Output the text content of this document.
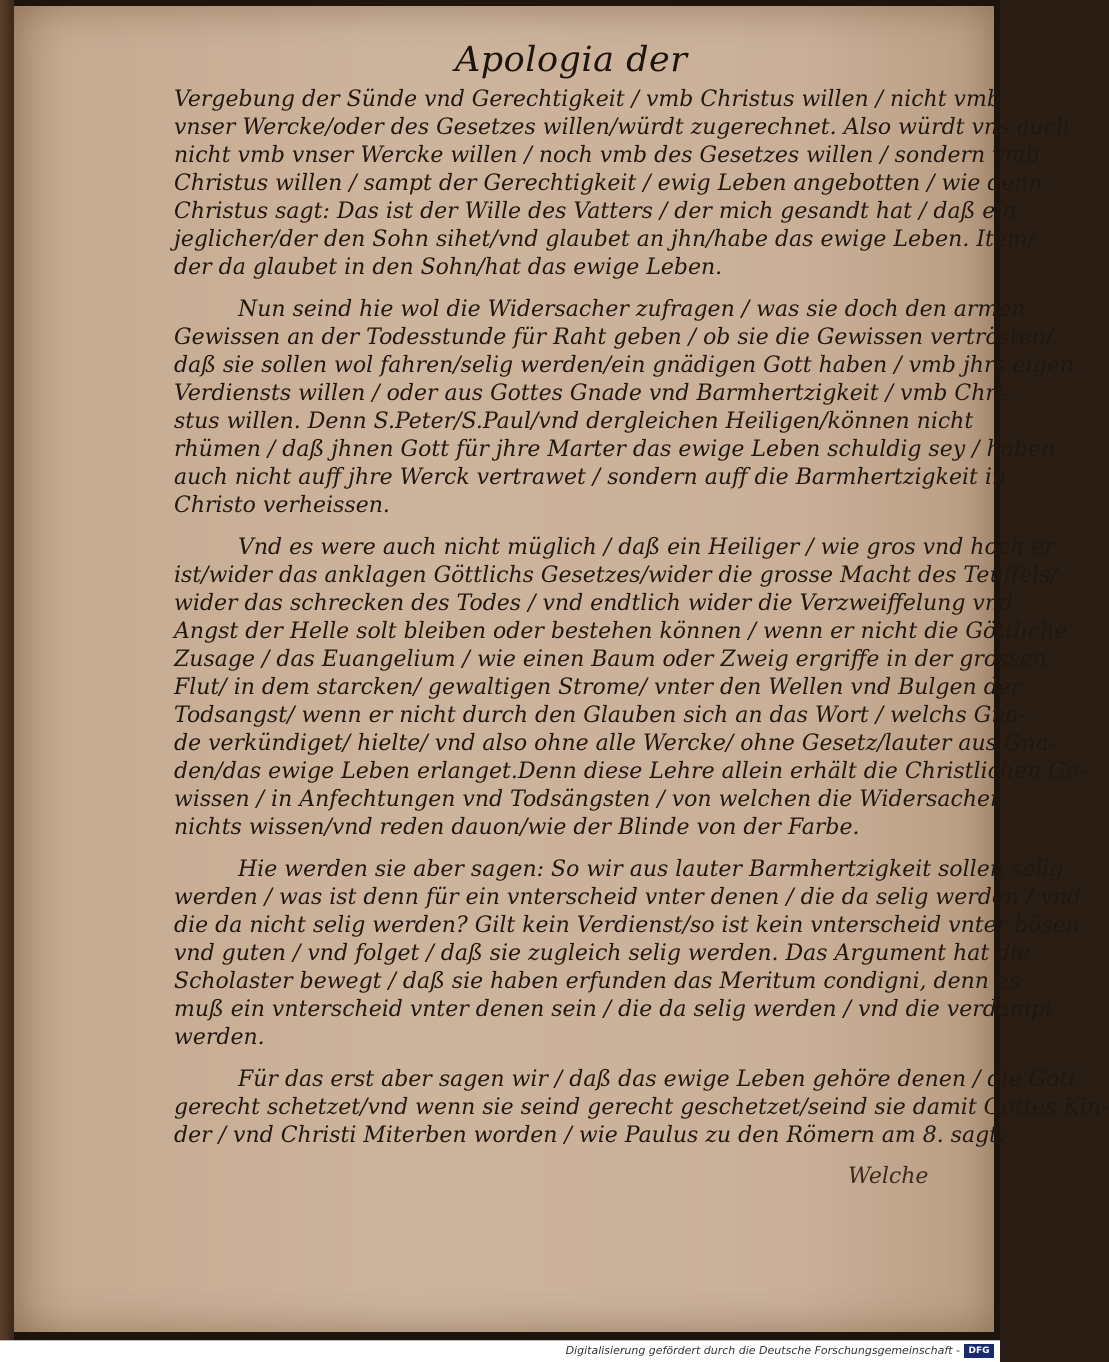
Apologia der
Vergebung der Sünde vnd Gerechtigkeit / vmb Christus willen / nicht vmb
vnser Wercke/oder des Gesetzes willen/würdt zugerechnet. Also würdt vns auch
nicht vmb vnser Wercke willen / noch vmb des Gesetzes willen / sondern vmb
Christus willen / sampt der Gerechtigkeit / ewig Leben angebotten / wie denn
Christus sagt: Das ist der Wille des Vatters / der mich gesandt hat / daß ein
jeglicher/der den Sohn sihet/vnd glaubet an jhn/habe das ewige Leben. Item/
der da glaubet in den Sohn/hat das ewige Leben.
Nun seind hie wol die Widersacher zufragen / was sie doch den armen
Gewissen an der Todesstunde für Raht geben / ob sie die Gewissen vertrösten/
daß sie sollen wol fahren/selig werden/ein gnädigen Gott haben / vmb jhrs eigen
Verdiensts willen / oder aus Gottes Gnade vnd Barmhertzigkeit / vmb Chri-
stus willen. Denn S.Peter/S.Paul/vnd dergleichen Heiligen/können nicht
rhümen / daß jhnen Gott für jhre Marter das ewige Leben schuldig sey / haben
auch nicht auff jhre Werck vertrawet / sondern auff die Barmhertzigkeit in
Christo verheissen.
Vnd es were auch nicht müglich / daß ein Heiliger / wie gros vnd hoch er
ist/wider das anklagen Göttlichs Gesetzes/wider die grosse Macht des Teuffels/
wider das schrecken des Todes / vnd endtlich wider die Verzweiffelung vnd
Angst der Helle solt bleiben oder bestehen können / wenn er nicht die Göttliche
Zusage / das Euangelium / wie einen Baum oder Zweig ergriffe in der grossen
Flut/ in dem starcken/ gewaltigen Strome/ vnter den Wellen vnd Bulgen der
Todsangst/ wenn er nicht durch den Glauben sich an das Wort / welchs Gna-
de verkündiget/ hielte/ vnd also ohne alle Wercke/ ohne Gesetz/lauter aus Gna-
den/das ewige Leben erlanget.Denn diese Lehre allein erhält die Christlichen Ge-
wissen / in Anfechtungen vnd Todsängsten / von welchen die Widersacher
nichts wissen/vnd reden dauon/wie der Blinde von der Farbe.
Hie werden sie aber sagen: So wir aus lauter Barmhertzigkeit sollen selig
werden / was ist denn für ein vnterscheid vnter denen / die da selig werden / vnd
die da nicht selig werden? Gilt kein Verdienst/so ist kein vnterscheid vnter bösen
vnd guten / vnd folget / daß sie zugleich selig werden. Das Argument hat die
Scholaster bewegt / daß sie haben erfunden das Meritum condigni, denn es
muß ein vnterscheid vnter denen sein / die da selig werden / vnd die verdampt
werden.
Für das erst aber sagen wir / daß das ewige Leben gehöre denen / die Gott
gerecht schetzet/vnd wenn sie seind gerecht geschetzet/seind sie damit Gottes Kin-
der / vnd Christi Miterben worden / wie Paulus zu den Römern am 8. sagt:
Welche
Digitalisierung gefördert durch die Deutsche Forschungsgemeinschaft - DFG
